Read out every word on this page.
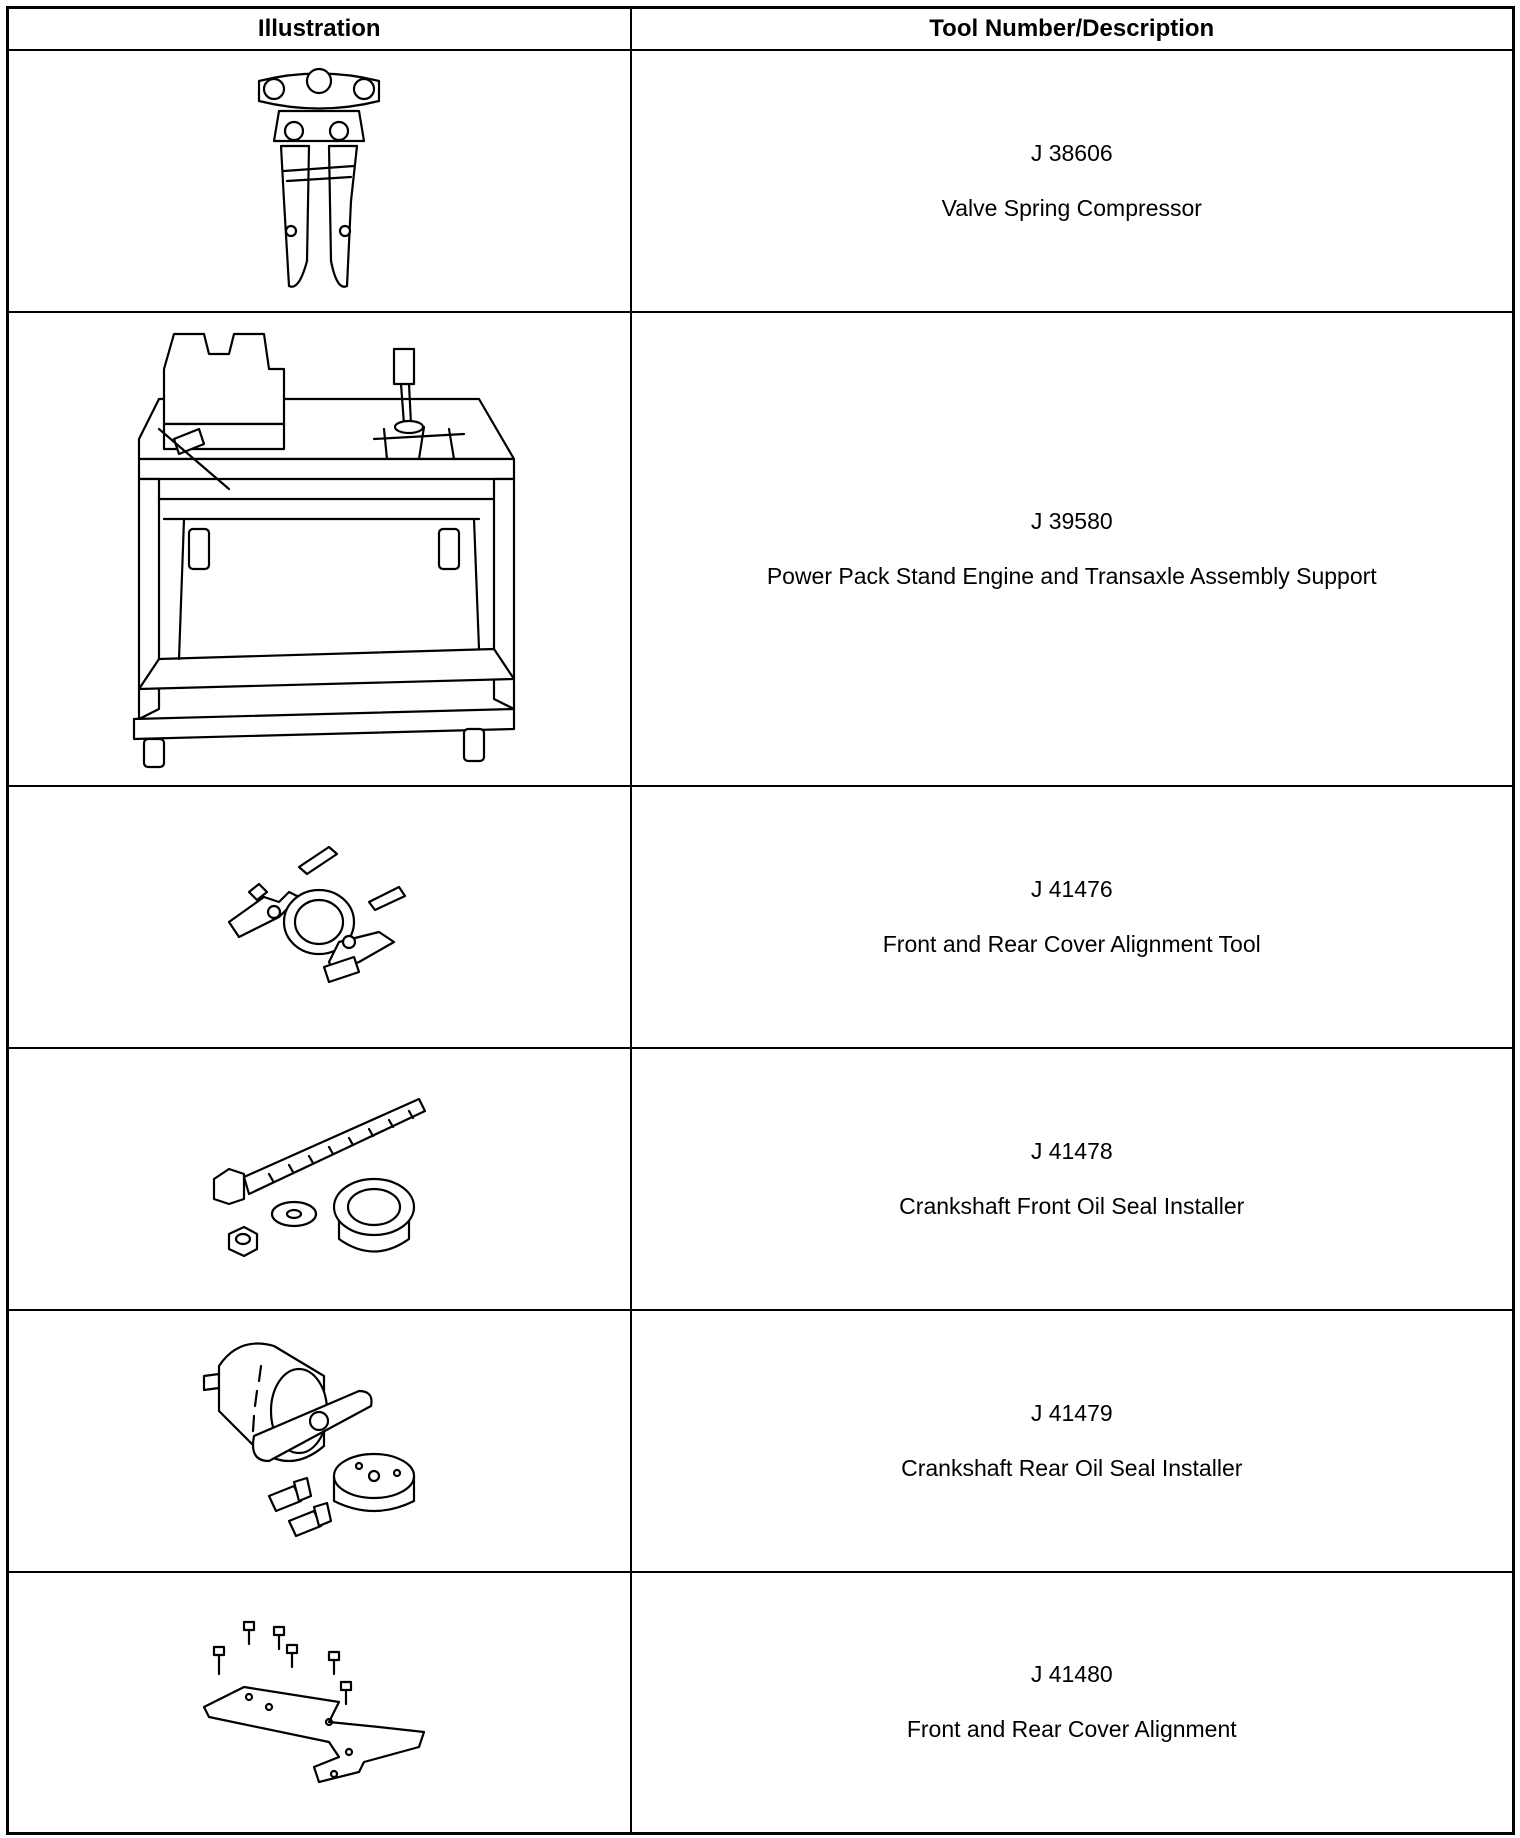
Illustration	Tool Number/Description

J 38606
Valve Spring Compressor

J 39580
Power Pack Stand Engine and Transaxle Assembly Support

J 41476
Front and Rear Cover Alignment Tool

J 41478
Crankshaft Front Oil Seal Installer

J 41479
Crankshaft Rear Oil Seal Installer

J 41480
Front and Rear Cover Alignment
